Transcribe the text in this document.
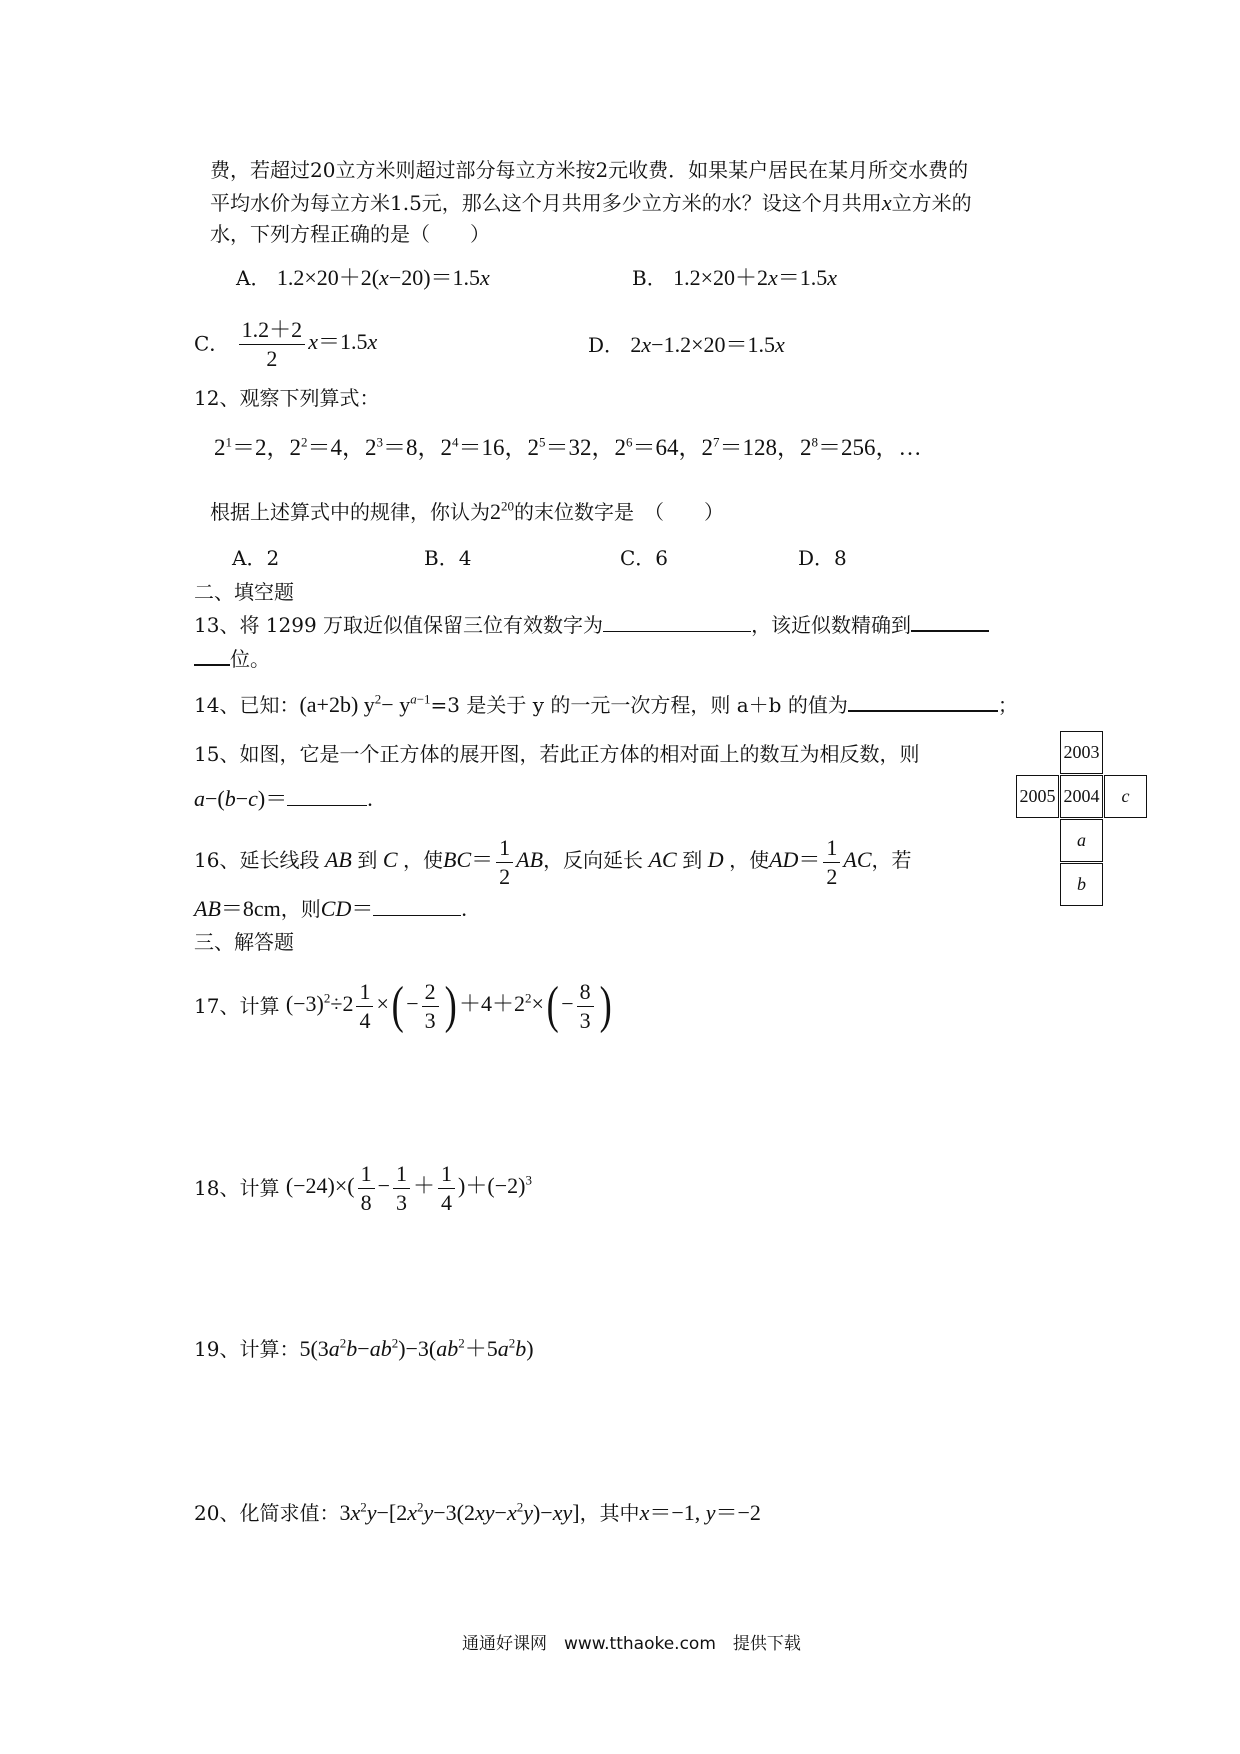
费，若超过20立方米则超过部分每立方米按2元收费．如果某户居民在某月所交水费的
平均水价为每立方米1.5元，那么这个月共用多少立方米的水？设这个月共用x立方米的
水，下列方程正确的是（　　）
A． 1.2×20＋2(x−20)＝1.5x	B． 1.2×20＋2x＝1.5x
C． $\frac{1.2+2}{2} x=1.5x$	D． 2x−1.2×20＝1.5x
12、观察下列算式：
$2^1=2$，$2^2=4$，$2^3=8$，$2^4=16$，$2^5=32$，$2^6=64$，$2^7=128$，$2^8=256$，…
根据上述算式中的规律，你认为$2^{20}$的末位数字是　（　　）
A．2	B．4	C．6	D．8
二、填空题
13、将 1299 万取近似值保留三位有效数字为	，该近似数精确到
位。
14、已知：(a+2b) $y^2- y^{a-1}=3$ 是关于 y 的一元一次方程，则 a＋b 的值为	；
15、如图，它是一个正方体的展开图，若此正方体的相对面上的数互为相反数，则
a−(b−c)＝	.
2003
2005 2004	c
a
b
16、延长线段 AB 到 C ，使$BC= \frac{1}{2}$ AB，反向延长 AC 到 D ，使$AD= \frac{1}{2}$ AC，若
AB＝8cm，则CD＝	.
三、解答题
17、计算 $(-3)^2\div 2 \frac{1}{4}$ ×( − $\frac{2}{3}$ ) $+4+2^2\times( - \frac{8}{3}$ )
18、计算 $(-24)\times( \frac{1}{8} - \frac{1}{3} + \frac{1}{4} )+(-2)^3$
19、计算：$5(3a^2b-ab^2)-3(ab^2+5a^2b)$
20、化简求值：$3x^2y-[2x^2y-3(2xy-x^2y)-xy]$，其中x＝−1, y＝−2
通通好课网　www.tthaoke.com　提供下载
